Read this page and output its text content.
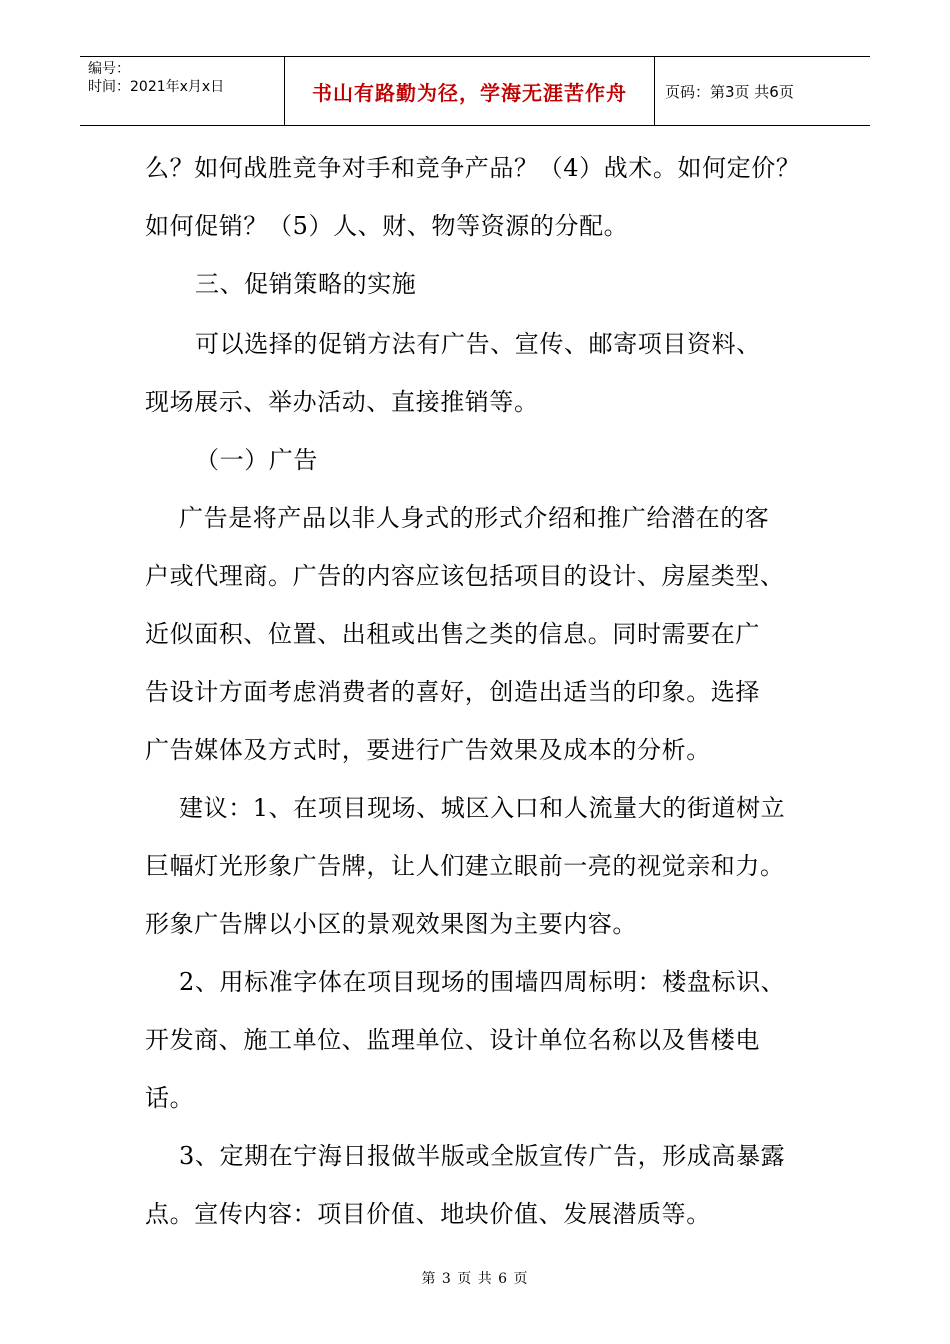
编号：
时间：2021年x月x日	书山有路勤为径，学海无涯苦作舟	页码：第3页 共6页
么？如何战胜竞争对手和竞争产品？（4）战术。如何定价？
如何促销？（5）人、财、物等资源的分配。
三、促销策略的实施
可以选择的促销方法有广告、宣传、邮寄项目资料、
现场展示、举办活动、直接推销等。
（一）广告
广告是将产品以非人身式的形式介绍和推广给潜在的客
户或代理商。广告的内容应该包括项目的设计、房屋类型、
近似面积、位置、出租或出售之类的信息。同时需要在广
告设计方面考虑消费者的喜好，创造出适当的印象。选择
广告媒体及方式时，要进行广告效果及成本的分析。
建议：1、在项目现场、城区入口和人流量大的街道树立
巨幅灯光形象广告牌，让人们建立眼前一亮的视觉亲和力。
形象广告牌以小区的景观效果图为主要内容。
2、用标准字体在项目现场的围墙四周标明：楼盘标识、
开发商、施工单位、监理单位、设计单位名称以及售楼电
话。
3、定期在宁海日报做半版或全版宣传广告，形成高暴露
点。宣传内容：项目价值、地块价值、发展潜质等。
第 3 页 共 6 页
